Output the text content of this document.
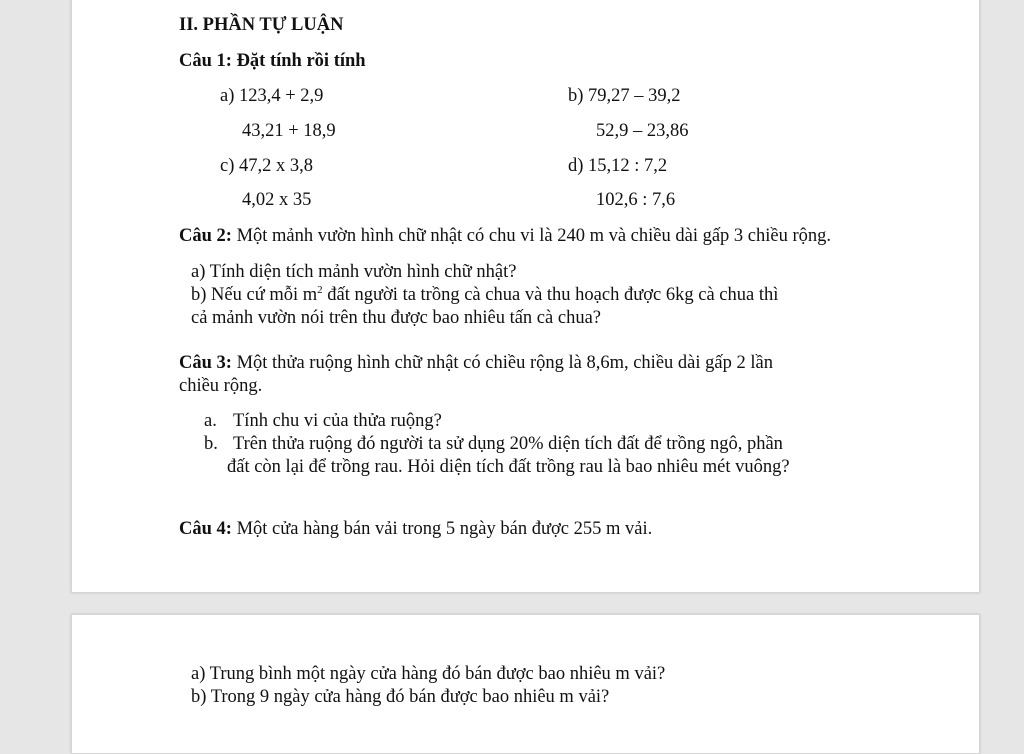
II. PHẦN TỰ LUẬN
Câu 1: Đặt tính rồi tính
a) 123,4 + 2,9	b) 79,27 – 39,2
43,21 + 18,9	52,9 – 23,86
c) 47,2 x 3,8	d) 15,12 : 7,2
4,02 x 35	102,6 : 7,6
Câu 2: Một mảnh vườn hình chữ nhật có chu vi là 240 m và chiều dài gấp 3 chiều rộng.
a) Tính diện tích mảnh vườn hình chữ nhật?
b) Nếu cứ mỗi $m^2$ đất người ta trồng cà chua và thu hoạch được 6kg cà chua thì
cả mảnh vườn nói trên thu được bao nhiêu tấn cà chua?
Câu 3: Một thửa ruộng hình chữ nhật có chiều rộng là 8,6m, chiều dài gấp 2 lần
chiều rộng.
a. Tính chu vi của thửa ruộng?
b. Trên thửa ruộng đó người ta sử dụng 20% diện tích đất để trồng ngô, phần
đất còn lại để trồng rau. Hỏi diện tích đất trồng rau là bao nhiêu mét vuông?
Câu 4: Một cửa hàng bán vải trong 5 ngày bán được 255 m vải.
a) Trung bình một ngày cửa hàng đó bán được bao nhiêu m vải?
b) Trong 9 ngày cửa hàng đó bán được bao nhiêu m vải?
